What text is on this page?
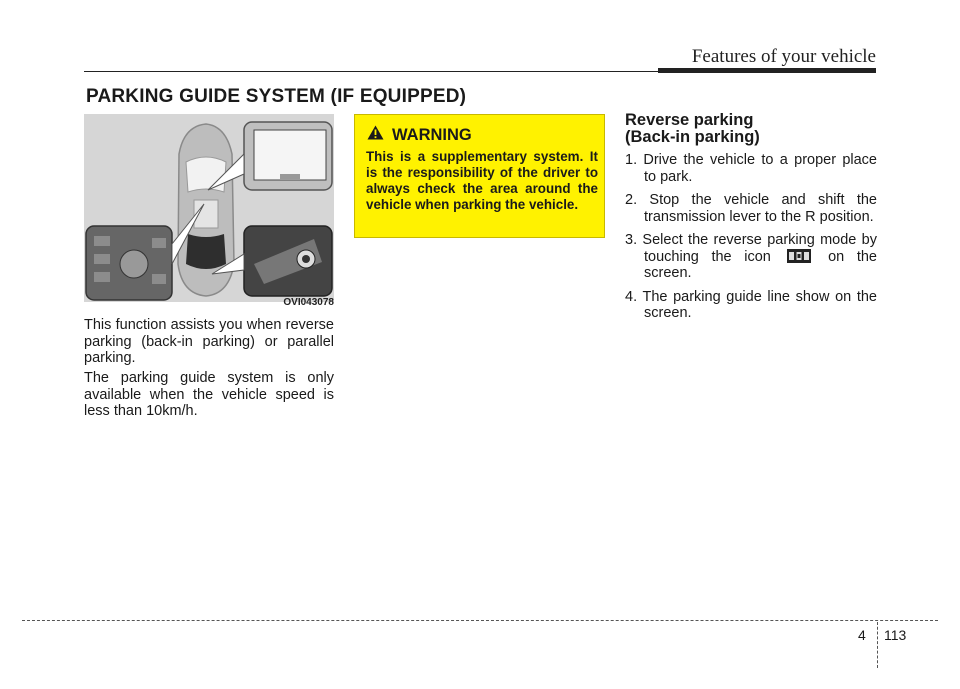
Features of your vehicle
PARKING GUIDE SYSTEM (IF EQUIPPED)
OVI043078

This function assists you when reverse parking (back-in parking) or parallel parking.

The parking guide system is only available when the vehicle speed is less than 10km/h.

WARNING

This is a supplementary system. It is the responsibility of the driver to always check the area around the vehicle when parking the vehicle.

Reverse parking
(Back-in parking)

1. Drive the vehicle to a proper place to park.
2. Stop the vehicle and shift the transmission lever to the R position.
3. Select the reverse parking mode by touching the icon	on the screen.
4. The parking guide line show on the screen.
4 113
